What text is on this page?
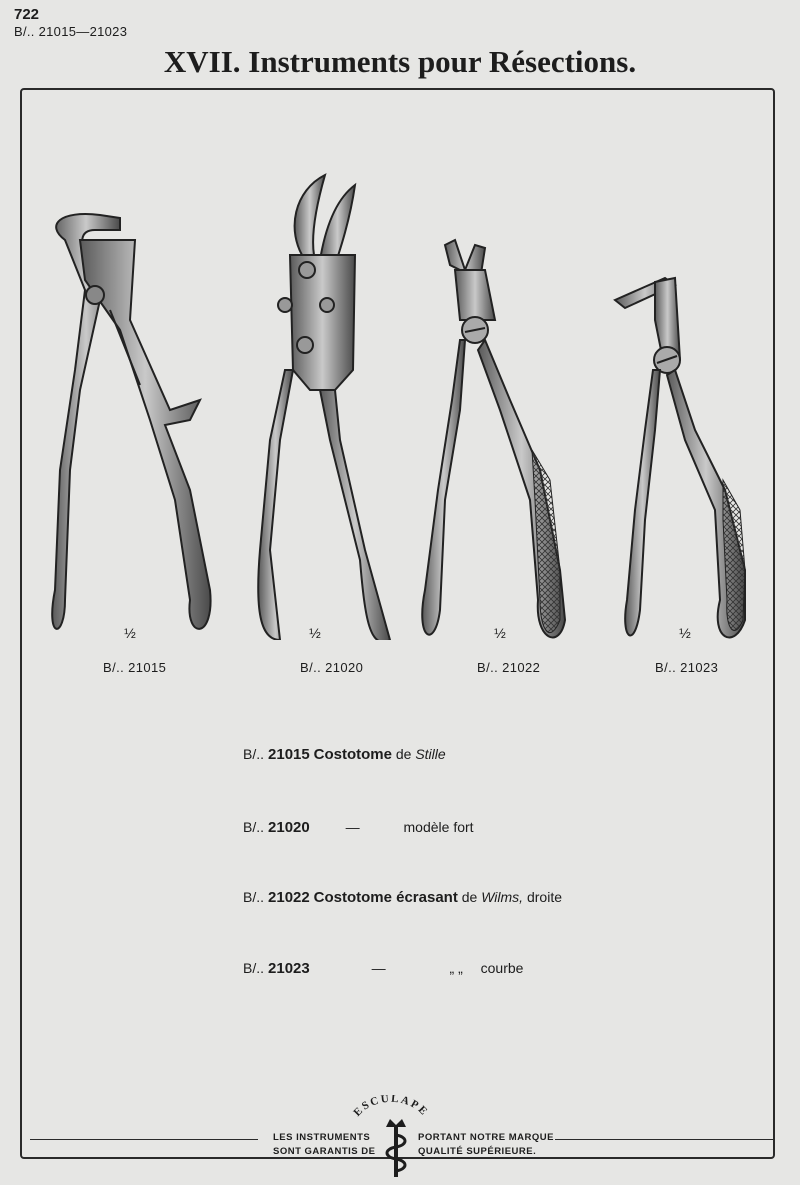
722
B/.. 21015—21023
XVII. Instruments pour Résections.
½	½	½	½
B/.. 21015	B/.. 21020	B/.. 21022	B/.. 21023
B/.. 21015 Costotome de Stille
B/.. 21020	—	modèle fort
B/.. 21022 Costotome écrasant de Wilms, droite
B/.. 21023	—	„ „ courbe
ESCULAPE
LES INSTRUMENTS
SONT GARANTIS DE
PORTANT NOTRE MARQUE
QUALITÉ SUPÉRIEURE.
